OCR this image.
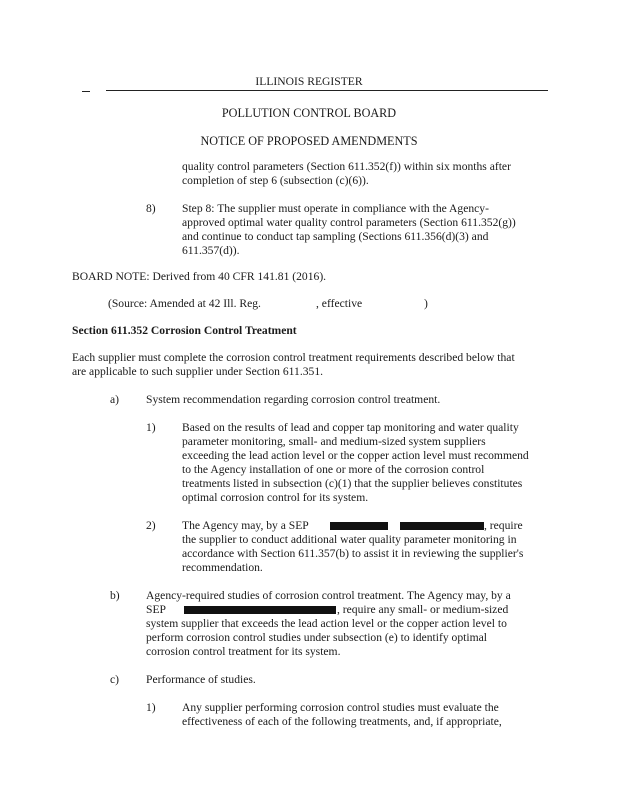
ILLINOIS REGISTER
POLLUTION CONTROL BOARD
NOTICE OF PROPOSED AMENDMENTS
quality control parameters (Section 611.352(f)) within six months after
completion of step 6 (subsection (c)(6)).
8) Step 8: The supplier must operate in compliance with the Agency-
approved optimal water quality control parameters (Section 611.352(g))
and continue to conduct tap sampling (Sections 611.356(d)(3) and
611.357(d)).
BOARD NOTE: Derived from 40 CFR 141.81 (2016).
(Source: Amended at 42 Ill. Reg.	, effective	)
Section 611.352 Corrosion Control Treatment
Each supplier must complete the corrosion control treatment requirements described below that
are applicable to such supplier under Section 611.351.
a) System recommendation regarding corrosion control treatment.
1) Based on the results of lead and copper tap monitoring and water quality
parameter monitoring, small- and medium-sized system suppliers
exceeding the lead action level or the copper action level must recommend
to the Agency installation of one or more of the corrosion control
treatments listed in subsection (c)(1) that the supplier believes constitutes
optimal corrosion control for its system.
2) The Agency may, by a SEP	, require
the supplier to conduct additional water quality parameter monitoring in
accordance with Section 611.357(b) to assist it in reviewing the supplier's
recommendation.
b) Agency-required studies of corrosion control treatment. The Agency may, by a
SEP	, require any small- or medium-sized
system supplier that exceeds the lead action level or the copper action level to
perform corrosion control studies under subsection (e) to identify optimal
corrosion control treatment for its system.
c) Performance of studies.
1) Any supplier performing corrosion control studies must evaluate the
effectiveness of each of the following treatments, and, if appropriate,
